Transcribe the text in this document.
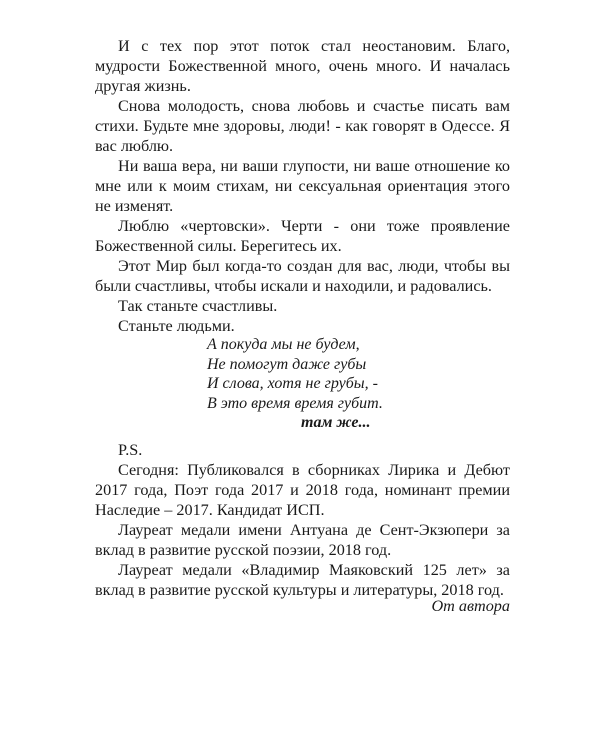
И с тех пор этот поток стал неостановим. Благо, мудрости Божественной много, очень много. И началась другая жизнь.

Снова молодость, снова любовь и счастье писать вам стихи. Будьте мне здоровы, люди! - как говорят в Одессе. Я вас люблю.

Ни ваша вера, ни ваши глупости, ни ваше отношение ко мне или к моим стихам, ни сексуальная ориентация этого не изменят.

Люблю «чертовски». Черти - они тоже проявление Божественной силы. Берегитесь их.

Этот Мир был когда-то создан для вас, люди, чтобы вы были счастливы, чтобы искали и находили, и радовались.

Так станьте счастливы.

Станьте людьми.

А покуда мы не будем,
Не помогут даже губы
И слова, хотя не грубы, -
В это время время губит.
там же...

P.S.

Сегодня: Публиковался в сборниках Лирика и Дебют 2017 года, Поэт года 2017 и 2018 года, номинант премии Наследие – 2017. Кандидат ИСП.

Лауреат медали имени Антуана де Сент-Экзюпери за вклад в развитие русской поэзии, 2018 год.

Лауреат медали «Владимир Маяковский 125 лет» за вклад в развитие русской культуры и литературы, 2018 год.

От автора
